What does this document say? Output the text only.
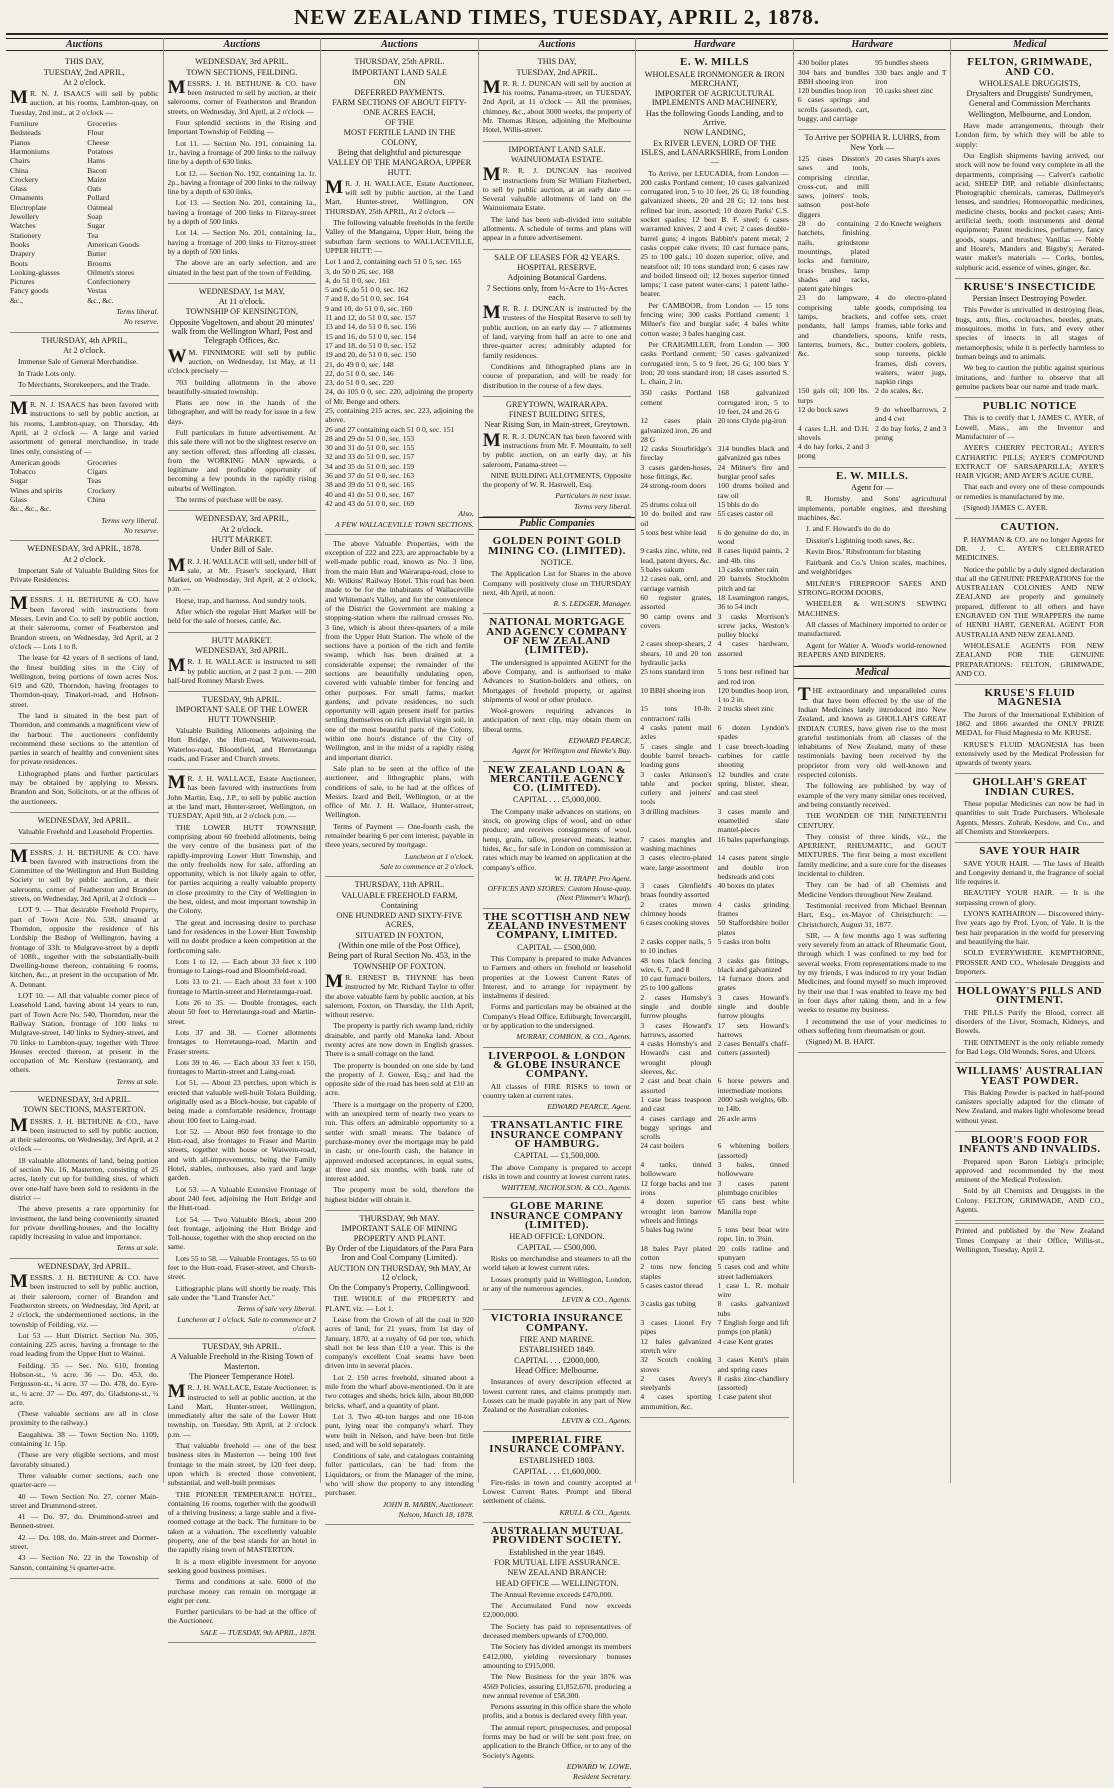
NEW ZEALAND TIMES, TUESDAY, APRIL 2, 1878.
Auctions
THIS DAY,
TUESDAY, 2nd APRIL,
At 2 o'clock.

M R. N. J. ISAACS will sell by public auction, at his rooms, Lambton-quay, on Tuesday, 2nd inst., at 2 o'clock —

Furniture	Groceries
Bedsteads	Flour
Pianos	Cheese
Harmoniums	Potatoes
Chairs	Hams
China	Bacon
Crockery	Maize
Glass	Oats
Ornaments	Pollard
Electroplate	Oatmeal
Jewellery	Soap
Watches	Sugar
Stationery	Tea
Books	American Goods
Drapery	Butter
Boots	Brooms
Looking-glasses	Oilmen's stores
Pictures	Confectionery
Fancy goods	Vestas
&c.,	&c., &c.
Terms liberal.
No reserve.
THURSDAY, 4th APRIL,
At 2 o'clock.

Immense Sale of General Merchandise.

In Trade Lots only.

To Merchants, Storekeepers, and the Trade.

M R. N. J. ISAACS has been favored with instructions to sell by public auction, at his rooms, Lambton-quay, on Thursday, 4th April, at 2 o'clock — A large and varied assortment of general merchandise, in trade lines only, consisting of —

American goods	Groceries
Tobacco	Cigars
Sugar	Teas
Wines and spirits	Crockery
Glass	China
&c., &c., &c.
Terms very liberal.
No reserve.
WEDNESDAY, 3rd APRIL, 1878.
At 2 o'clock.

Important Sale of Valuable Building Sites for Private Residences.

MESSRS. J. H. BETHUNE & CO. have been favored with instructions from Messrs. Levin and Co. to sell by public auction, at their salerooms, corner of Featherston and Brandon streets, on Wednesday, 3rd April, at 2 o'clock — Lots 1 to 8.

The lease for 42 years of 8 sections of land, the finest building sites in the City of Wellington, being portions of town acres Nos. 619 and 620, Thorndon, having frontages to Thorndon-quay, Tinakori-road, and Hobson-street.

The land is situated in the best part of Thorndon, and commands a magnificent view of the harbour. The auctioneers confidently recommend these sections to the attention of parties in search of healthy and convenient sites for private residences.

Lithographed plans and further particulars may be obtained by applying to Messrs. Brandon and Son, Solicitors, or at the offices of the auctioneers.

WEDNESDAY, 3rd APRIL.

Valuable Freehold and Leasehold Properties.

MESSRS. J. H. BETHUNE & CO. have been favored with instructions from the Committee of the Wellington and Hutt Building Society to sell by public auction, at their salerooms, corner of Featherston and Brandon streets, on Wednesday, 3rd April, at 2 o'clock —

LOT 9. — That desirable Freehold Property, part of Town Acre No. 538, situated at Thorndon, opposite the residence of his Lordship the Bishop of Wellington, having a frontage of 33ft. to Mulgrave-street by a depth of 108ft., together with the substantially-built Dwelling-house thereon, containing 6 rooms, kitchen, &c., at present in the occupation of Mr. A. Dennant.

LOT 10. — All that valuable corner piece of Leasehold Land, having about 14 years to run, part of Town Acre No. 540, Thorndon, near the Railway Station, frontage of 100 links to Mulgrave-street, 140 links to Sydney-street, and 70 links to Lambton-quay, together with Three Houses erected thereon, at present in the occupation of Mr. Kershaw (restaurant), and others.

Terms at sale.
WEDNESDAY, 3rd APRIL.
TOWN SECTIONS, MASTERTON.

MESSRS. J. H. BETHUNE & CO., have been instructed to sell by public auction, at their salerooms, on Wednesday, 3rd April, at 2 o'clock —

18 valuable allotments of land, being portion of section No. 16, Masterton, consisting of 25 acres, lately cut up for building sites, of which over one-half have been sold to residents in the district —

The above presents a rare opportunity for investment, the land being conveniently situated for private dwelling-houses, and the locality rapidly increasing in value and importance.

Terms at sale.
WEDNESDAY, 3rd APRIL.

MESSRS. J. H. BETHUNE & CO. have been instructed to sell by public auction, at their saleroom, corner of Brandon and Featherston streets, on Wednesday, 3rd April, at 2 o'clock, the undermentioned sections, in the township of Feilding, viz. —

Lot 53 — Hutt District. Section No. 305, containing 225 acres, having a frontage to the road leading from the Upper Hutt to Wainui.

Feilding. 35 — Sec. No. 610, fronting Hobson-st., ¼ acre. 36 — Do. 453, do. Fergusson-st., ¼ acre. 37 — Do. 478, do. Eyre-st., ¼ acre. 37 — Do. 497, do. Gladstone-st., ¼ acre.

(These valuable sections are all in close proximity to the railway.)

Eaugahiwa. 38 — Town Section No. 1109, containing 1r. 15p.

(These are very eligible sections, and most favorably situated.)

Three valuable corner sections, each one quarter-acre —

40 — Town Section No. 27, corner Main-street and Drummond-street.

41 — Do. 97, do. Drummond-street and Bennett-street.

42 — Do. 108, do. Main-street and Dormer-street.

43 — Section No. 22 in the Township of Sanson, containing ¼ quarter-acre.

Auctions
WEDNESDAY, 3rd APRIL.
TOWN SECTIONS, FEILDING.

MESSRS. J. H. BETHUNE & CO. have been instructed to sell by auction, at their salerooms, corner of Featherston and Brandon streets, on Wednesday, 3rd April, at 2 o'clock —

Four splendid sections in the Rising and Important Township of Feilding —

Lot 11. — Section No. 191, containing 1a. 1r., having a frontage of 200 links to the railway line by a depth of 630 links.

Lot 12. — Section No. 192, containing 1a. 1r. 2p., having a frontage of 200 links to the railway line by a depth of 630 links.

Lot 13. — Section No. 201, containing 1a., having a frontage of 200 links to Fitzroy-street by a depth of 500 links.

Lot 14. — Section No. 201, containing 1a., having a frontage of 200 links to Fitzroy-street by a depth of 500 links.

The above are an early selection, and are situated in the best part of the town of Feilding.

WEDNESDAY, 1st MAY,
At 11 o'clock.
TOWNSHIP OF KENSINGTON,
Opposite Vogeltown, and about 20 minutes' walk from the Wellington Wharf, Post and Telegraph Offices, &c.

W M. FINNIMORE will sell by public auction, on Wednesday, 1st May, at 11 o'clock precisely —

703 building allotments in the above beautifully-situated township.

Plans are now in the hands of the lithographer, and will be ready for issue in a few days.

Full particulars in future advertisement. At this sale there will not be the slightest reserve on any section offered, thus affording all classes, from the WORKING MAN upwards, a legitimate and profitable opportunity of becoming a few pounds in the rapidly rising suburbs of Wellington.

The terms of purchase will be easy.

WEDNESDAY, 3rd APRIL,
At 2 o'clock.
HUTT MARKET.
Under Bill of Sale.

M R. J. H. WALLACE will sell, under bill of sale, at Mr. Fraser's stockyard, Hutt Market, on Wednesday, 3rd April, at 2 o'clock, p.m. —

Horse, trap, and harness. And sundry tools.

After which the regular Hutt Market will be held for the sale of horses, cattle, &c.

HUTT MARKET.
WEDNESDAY, 3rd APRIL.

M R. J. H. WALLACE is instructed to sell by public auction, at 2 past 2 p.m. — 200 half-bred Romney Marsh Ewes.

TUESDAY, 9th APRIL.
IMPORTANT SALE OF THE LOWER HUTT TOWNSHIP.

Valuable Building Allotments adjoining the Hutt Bridge, the Hutt-road, Waiwetu-road, Waterloo-road, Bloomfield, and Herretaunga roads, and Fraser and Church streets.

M R. J. H. WALLACE, Estate Auctioneer, has been favored with instructions from John Martin, Esq., J.P., to sell by public auction at the land mart, Hunter-street, Wellington, on TUESDAY, April 9th, at 2 o'clock p.m. —

THE LOWER HUTT TOWNSHIP, comprising about 60 freehold allotments, being the very centre of the business part of the rapidly-improving Lower Hutt Township, and the only freeholds now for sale, affording an opportunity, which is not likely again to offer, for parties acquiring a really valuable property in close proximity to the City of Wellington in the best, oldest, and most important township in the Colony.

The great and increasing desire to purchase land for residences in the Lower Hutt Township will no doubt produce a keen competition at the forthcoming sale.

Lots 1 to 12. — Each about 33 feet x 100 frontage to Laings-road and Bloomfield-road.

Lots 13 to 21. — Each about 33 feet x 100 frontage to Martin-street and Herretaunga-road.

Lots 26 to 35. — Double frontages, each about 50 feet to Herretaunga-road and Martin-street.

Lots 37 and 38. — Corner allotments frontages to Herretaunga-road, Martin and Fraser streets.

Lots 39 to 46. — Each about 33 feet x 150, frontages to Martin-street and Laing-road.

Lot 51. — About 23 perches, upon which is erected that valuable well-built Tolara Building, originally used as a Block-house, but capable of being made a comfortable residence, frontage about 100 feet to Laing-road.

Lot 52. — About 860 feet frontage to the Hutt-road, also frontages to Fraser and Martin streets, together with house or Waiwetu-road, and with all-improvements, being the Family Hotel, stables, outhouses, also yard and large garden.

Lot 53. — A Valuable Extensive Frontage of about 240 feet, adjoining the Hutt Bridge and the Hutt-road.

Lot 54. — Two Valuable Block, about 200 feet frontage, adjoining the Hutt Bridge and Toll-house, together with the shop erected on the same.

Lots 55 to 58. — Valuable Frontages, 55 to 60 feet to the Hutt-road, Fraser-street, and Church-street.

Lithographic plans will shortly be ready. This sale under the "Land Transfer Act."

Terms of sale very liberal.
Luncheon at 1 o'clock. Sale to commence at 2 o'clock.
TUESDAY, 9th APRIL.
A Valuable Freehold in the Rising Town of Masterton.
The Pioneer Temperance Hotel.

M R. J. H. WALLACE, Estate Auctioneer, is instructed to sell at public auction, at the Land Mart, Hunter-street, Wellington, immediately after the sale of the Lower Hutt township, on Tuesday, 9th April, at 2 o'clock p.m. —

That valuable freehold — one of the best business sites in Masterton — being 100 feet frontage to the main street, by 120 feet deep, upon which is erected those convenient, substantial, and well-built premises

THE PIONEER TEMPERANCE HOTEL, containing 16 rooms, together with the goodwill of a thriving business; a large stable and a five-roomed cottage at the back. The furniture to be taken at a valuation. The excellently valuable property, one of the best stands for an hotel in the rapidly rising town of MASTERTON.

It is a most eligible investment for anyone seeking good business premises.

Terms and conditions at sale. 6000 of the purchase money can remain on mortgage at eight per cent.

Further particulars to be had at the office of the Auctioneer.

SALE — TUESDAY, 9th APRIL, 1878.
Auctions
THURSDAY, 25th APRIL.
IMPORTANT LAND SALE
ON
DEFERRED PAYMENTS.
FARM SECTIONS OF ABOUT FIFTY-ONE ACRES EACH,
OF THE
MOST FERTILE LAND IN THE COLONY,
Being that delightful and picturesque
VALLEY OF THE MANGAROA, UPPER HUTT.

M R. J. H. WALLACE, Estate Auctioneer, will sell by public auction, at the Land Mart, Hunter-street, Wellington, ON THURSDAY, 25th APRIL, At 2 o'clock —

The following valuable freeholds in the fertile Valley of the Mangaroa, Upper Hutt, being the suburban farm sections to WALLACEVILLE, UPPER HUTT: —

Lot 1 and 2, containing each 51 0 5, sec. 165
3, do 50 0 26, sec. 168
4, do 51 0 0, sec. 161
5 and 6, do 51 0 0, sec. 162
7 and 8, do 51 0 0, sec. 164
9 and 10, do 51 0 0, sec. 160
11 and 12, do 51 0 0, sec. 157
13 and 14, do 51 0 0, sec. 156
15 and 16, do 51 0 0, sec. 154
17 and 18, do 51 0 0, sec. 152
19 and 20, do 51 0 0, sec. 150
21, do 49 0 0, sec. 148
22, do 51 0 0, sec. 146
23, do 51 0 0, sec. 220
24, do 105 0 0, sec. 220, adjoining the property of Mr. Benge and others.
25, containing 215 acres, sec. 223, adjoining the above.
26 and 27 containing each 51 0 0, sec. 151
28 and 29 do 51 0 0, sec. 153
30 and 31 do 51 0 0, sec. 155
32 and 33 do 51 0 0, sec. 157
34 and 35 do 51 0 0, sec. 159
36 and 37 do 51 0 0, sec. 163
38 and 39 do 51 0 0, sec. 165
40 and 41 do 51 0 0, sec. 167
42 and 43 do 51 0 0, sec. 169
Also,
A FEW WALLACEVILLE TOWN SECTIONS.

The above Valuable Properties, with the exception of 222 and 223, are approachable by a well-made public road, known as No. 3 line, from the main Hutt and Wairarapa-road, close to Mr. Wilkins' Railway Hotel. This road has been made to be for the inhabitants of Wallaceville and Whiteman's Valley, and for the convenience of the District the Government are making a stopping-station where the railroad crosses No. 3 line, which is about three-quarters of a mile from the Upper Hutt Station. The whole of the sections have a portion of the rich and fertile swamp, which has been drained at a considerable expense; the remainder of the sections are beautifully undulating open, covered with valuable timber for fencing and other purposes. For small farms, market gardens, and private residences, no such opportunity will again present itself for parties settling themselves on rich alluvial virgin soil, in one of the most beautiful parts of the Colony, within one hour's distance of the City of Wellington, and in the midst of a rapidly rising and important district.

Sale plan to be seen at the office of the auctioneer, and lithographic plans, with conditions of sale, to be had at the offices of Messrs. Izard and Bell, Wellington, or at the office of Mr. J. H. Wallace, Hunter-street, Wellington.

Terms of Payment — One-fourth cash, the remainder bearing 6 per cent interest, payable in three years, secured by mortgage.

Luncheon at 1 o'clock.
Sale to commence at 2 o'clock.
THURSDAY, 11th APRIL.
VALUABLE FREEHOLD FARM,
Containing
ONE HUNDRED AND SIXTY-FIVE ACRES,
SITUATED IN FOXTON,
(Within one mile of the Post Office),
Being part of Rural Section No. 453, in the
TOWNSHIP OF FOXTON.

M R. ERNEST B. THYNNE has been instructed by Mr. Richard Taylor to offer the above valuable farm by public auction, at his saleroom, Foxton, on Thursday, the 11th April, without reserve.

The property is partly rich swamp land, richly drainable, and partly old Manuka land. About twenty acres are now down in English grasses. There is a small cottage on the land.

The property is bounded on one side by land the property of J. Gower, Esq.; and had the opposite side of the road has been sold at £10 an acre.

There is a mortgage on the property of £200, with an unexpired term of nearly two years to run. This offers an admirable opportunity to a settler with small means. The balance of purchase-money over the mortgage may be paid in cash; or one-fourth cash, the balance in approved endorsed acceptances, in equal sums, at three and six months, with bank rate of interest added.

The property must be sold, therefore the highest bidder will obtain it.

THURSDAY, 9th MAY.
IMPORTANT SALE OF MINING PROPERTY AND PLANT.
By Order of the Liquidators of the Para Para Iron and Coal Company (Limited).
AUCTION ON THURSDAY, 9th MAY, At 12 o'clock,
On the Company's Property, Collingwood.

THE WHOLE of the PROPERTY and PLANT, viz. — Lot 1.

Lease from the Crown of all the coal in 920 acres of land, for 21 years, from 1st day of January, 1870, at a royalty of 6d per ton, which shall not be less than £10 a year. This is the company's excellent Coal seams have been driven into in several places.

Lot 2. 150 acres freehold, situated about a mile from the wharf above-mentioned. On it are two cottages and sheds, brick kiln, about 80,000 bricks, wharf, and a quantity of plant.

Lot 3. Two 40-ton barges and one 10-ton punt, lying near the company's wharf. They were built in Nelson, and have been but little used, and will be sold separately.

Conditions of sale, and catalogues containing fuller particulars, can be had from the Liquidators, or from the Manager of the mine, who will show the property to any intending purchaser.

JOHN R. MABIN, Auctioneer.
Nelson, March 18, 1878.
Auctions
THIS DAY,
TUESDAY, 2nd APRIL.

M R. R. J. DUNCAN will sell by auction at his rooms, Panama-street, on TUESDAY, 2nd April, at 11 o'clock — All the premises, chimney, &c., about 3000 weeks, the property of Mr. Thomas Ritson, adjoining the Melbourne Hotel, Willis-street.

IMPORTANT LAND SALE.
WAINUIOMATA ESTATE.

M R. R. J. DUNCAN has received instructions from Sir William Fitzherbert, to sell by public auction, at an early date — Several valuable allotments of land on the Wainuiomata Estate.

The land has been sub-divided into suitable allotments. A schedule of terms and plans will appear in a future advertisement.

SALE OF LEASES FOR 42 YEARS.
HOSPITAL RESERVE.
Adjoining Botanical Gardens.
7 Sections only, from ½-Acre to 1½-Acres each.

M R. R. J. DUNCAN is instructed by the trustees of the Hospital Reserve to sell by public auction, on an early day — 7 allotments of land, varying from half an acre to one and three-quarter acres; admirably adapted for family residences.

Conditions and lithographed plans are in course of preparation, and will be ready for distribution in the course of a few days.

GREYTOWN, WAIRARAPA.
FINEST BUILDING SITES,
Near Rising Sun, in Main-street, Greytown.

M R. R. J. DUNCAN has been favored with instructions from Mr. F. Mountain, to sell by public auction, on an early day, at his saleroom, Panama-street —

NINE BUILDING ALLOTMENTS, Opposite the property of W. R. Hastwell, Esq.

Particulars in next issue.
Terms very liberal.
Public Companies
GOLDEN POINT GOLD MINING CO. (LIMITED).
NOTICE.

The Application List for Shares in the above Company will positively close on THURSDAY next, 4th April, at noon.

R. S. LEDGER, Manager.
NATIONAL MORTGAGE AND AGENCY COMPANY OF NEW ZEALAND (LIMITED).

The undersigned is appointed AGENT for the above Company, and is authorised to make Advances to Station-holders and others, on Mortgages of freehold property, or against shipments of wool or other produce.

Wool-growers requiring advances in anticipation of next clip, may obtain them on liberal terms.

EDWARD PEARCE,
Agent for Wellington and Hawke's Bay.
NEW ZEALAND LOAN & MERCANTILE AGENCY CO. (LIMITED).
CAPITAL . . . £5,000,000.

The Company make advances on stations, on stock, on growing clips of wool, and on other produce; and receives consignments of wool, hemp, grain, tallow, preserved meats, leather, hides, &c., for sale in London on commission at rates which may be learned on application at the company's office.

W. H. TRAPP, Pro Agent.
OFFICES AND STORES: Custom House-quay, (Next Plimmer's Wharf).
THE SCOTTISH AND NEW ZEALAND INVESTMENT COMPANY, LIMITED.
CAPITAL — £500,000.

This Company is prepared to make Advances to Farmers and others on freehold or leasehold properties at the Lowest Current Rates of Interest, and to arrange for repayment by instalments if desired.

Forms and particulars may be obtained at the Company's Head Office, Ediiburgh; Invercargill, or by application to the undersigned.

MURRAY, COMBON, & CO., Agents.
LIVERPOOL & LONDON & GLOBE INSURANCE COMPANY.

All classes of FIRE RISKS to town or country taken at current rates.

EDWARD PEARCE, Agent.
TRANSATLANTIC FIRE INSURANCE COMPANY OF HAMBURG.
CAPITAL — £1,500,000.

The above Company is prepared to accept risks in town and country at lowest current rates.

WHITTEM, NICHOLSON, & CO., Agents.
GLOBE MARINE INSURANCE COMPANY (LIMITED).
HEAD OFFICE: LONDON.
CAPITAL — £500,000.

Risks on merchandise and steamers to all the world taken at lowest current rates.

Losses promptly paid in Wellington, London, or any of the numerous agencies.

LEVIN & CO., Agents.
VICTORIA INSURANCE COMPANY.
FIRE AND MARINE.
ESTABLISHED 1849.
CAPITAL . . . £2000,000.
Head Office: Melbourne.

Insurances of every description effected at lowest current rates, and claims promptly met. Losses can be made payable in any part of New Zealand or the Australian colonies.

LEVIN & CO., Agents.
IMPERIAL FIRE INSURANCE COMPANY.
ESTABLISHED 1803.
CAPITAL . . . £1,600,000.

Fire-risks in town and country accepted at Lowest Current Rates. Prompt and liberal settlement of claims.

KRULL & CO., Agents.
AUSTRALIAN MUTUAL PROVIDENT SOCIETY.
Established in the year 1849.
FOR MUTUAL LIFE ASSURANCE.
NEW ZEALAND BRANCH:
HEAD OFFICE — WELLINGTON.

The Annual Revenue exceeds £470,000.

The Accumulated Fund now exceeds £2,000,000.

The Society has paid to representatives of deceased members upwards of £700,000.

The Society has divided amongst its members £412,000, yielding reversionary bonuses amounting to £915,000.

The New Business for the year 1876 was 4569 Policies, assuring £1,852,670, producing a new annual revenue of £58,300.

Persons assuring in this office share the whole profits, and a bonus is declared every fifth year.

The annual report, prospectuses, and proposal forms may be had or will be sent post free, on application to the Branch Office, or to any of the Society's Agents.

EDWARD W. LOWE,
Resident Secretary.
Hardware
E. W. MILLS
WHOLESALE IRONMONGER & IRON MERCHANT,
IMPORTER OF AGRICULTURAL IMPLEMENTS AND MACHINERY,
Has the following Goods Landing, and to Arrive.
NOW LANDING,
Ex RIVER LEVEN, LORD OF THE ISLES, and LANARKSHIRE, from London —

To Arrive, per LEUCADIA, from London — 200 casks Portland cement; 10 cases galvanized corrugated iron, 5 to 10 feet, 26 G; 18 founding galvanized sheets, 20 and 28 G; 12 tons best refined bar iron, assorted; 10 dozen Parks' C.S. socket spades; 12 best B. F. steel; 6 cases warranted knives, 2 and 4 cwt; 2 cases double-barrel guns; 4 ingots Babbitt's patent metal; 2 casks copper cake rivets; 10 cast furnace pans, 25 to 100 gals.; 10 dozen superior, olive, and neatsfoot oil; 10 tons standard iron; 6 cases raw and boiled linseed oil; 12 boxes superior tinned lamps; 1 case patent water-cans; 1 patent lathe-bearer.

Per CAMBOOR, from London — 15 tons fencing wire; 300 casks Portland cement; 1 Milner's fire and burglar safe; 4 bales white cotton waste; 3 bales hanging cast.

Per CRAIGMILLER, from London — 300 casks Portland cement; 50 cases galvanized corrugated iron, 5 to 9 feet, 26 G; 100 bars Y iron; 20 tons standard iron; 18 cases assorted S. L. chain, 2 in.

350 casks Portland cement
168 galvanized corrugated iron, 5 to 10 feet, 24 and 26 G
12 cases plain galvanized iron, 26 and 28 G
20 tons Clyde pig-iron
12 casks Stourbridge's fireclay
314 bundles black and galvanized gas tubes
3 cases garden-hoses, hose fittings, &c.
24 Milner's fire and burglar proof safes
24 strong-room doors	100 drums boiled and raw oil
25 drums colza oil	15 bbls do do
10 do boiled and raw oil
55 cases castor oil
5 tons best white lead	6 do genuine do do, in wood
9 casks zinc, white, red lead, patent dryers, &c.
8 cases liquid paints, 2 and 4lb. tins
5 bales oakum	13 casks umber rain
12 cases oak, ornl, and carriage varnish
20 barrels Stockholm pitch and tar
60 register grates, assorted
18 Leamington ranges, 36 to 54 inch
90 camp ovens and covers
3 casks Morrison's screw jacks, Weston's pulley blocks
2 cases sheep-shears, 2 shears, 10 and 20 ton hydraulic jacks
4 cases hardware, assorted
25 tons standard iron	5 tons best refined bar and rod iron
10 BBH shoeing iron	120 bundles hoop iron, 1 to 2 in.
15 tons 10-lb. contractors' rails
2 trucks sheet zinc
4 casks patent mail axles
6 dozen Lyndon's spades
5 cases single and double barrel breach-loading guns
1 case breech-loading carbines for cattle shooting
3 casks Atkinson's table and pocket cutlery and joiners' tools
12 bundles and crate spring, blister, shear, and cast steel
3 drilling machines	3 cases mantle and enamelled slate mantel-pieces
7 cases mangles and washing machines
16 bales paperhangings
3 cases electro-plated ware, large assortment
14 cases patent single and double iron bedsteads and cots
3 cases Glenfield's braas foundry assorted
40 boxes tin plates
2 crates mown chimney hoods
4 casks grinding frames
6 cases cooking stoves	50 Staffordshire boiler plates
2 casks copper nails, 5 to 10 inches
5 casks iron bolts
48 tons black fencing wire, 6, 7, and 8
3 casks gas fittings, black and galvanized
10 cast furnace boilers, 25 to 100 gallons
14 furnace doors and grates
2 cases Hornsby's single and double furrow ploughs
3 cases Howard's single and double furrow ploughs
3 cases Howard's harrows, assorted
17 sets Howard's harrows
4 casks Hornsby's and Howard's cast and wrought plough sleeves, &c.
2 cases Bentall's chaff-cutters (assorted)
2 cast and boat chain assorted
6 horse powers and intermediate motions
1 case brass teaspoon and cast
2000 sash weights, 6lb. to 14lb.
4 cases carriage and buggy springs and scrolls
26 axle arms
24 cast boilers	6 whitening boilers (assorted)
4 tanks, tinned hollowware
3 bales, tinned hollowware
12 forge backs and tue irons
3 cases patent plumbago crucibles
4 dozen superior wrought iron barrow wheels and fittings
65 cans best white Manilla rope
5 bales bag twine	5 tons best boat wire rope, 1in. to 3¼in.
18 bales Payr plated cotton
20 coils ratline and spunyarn
2 tons new fencing staples
5 cases cod and white street ladlemakers
5 cases castor thread	1 case L. R. mohair wire
3 casks gas tubing	8 casks galvanized tubs
3 cases Lionel Fry pipes
7 English forge and lift pumps (on plank)
12 bales galvanized stretch wire
4 case Kent grates
32 Scotch cooking stoves
3 cases Kent's plain and spring cases
2 cases Avery's steelyards
8 casks zinc-chandlery (assorted)
4 cases sporting ammunition, &c.
1 case patent shot
Hardware
430 boiler plates	95 bundles sheets
304 bars and bundles BBH shoeing iron
330 bars angle and T iron
120 bundles hoop iron	10 casks sheet zinc
6 cases springs and scrolls (assorted), cart, buggy, and carriage
To Arrive per SOPHIA R. LUHRS, from New York —
125 cases Disston's saws and tools, comprising circular, cross-cut, and mill saws, joiners' tools, samson post-hole diggers
20 cases Sharp's axes
28 do containing hatchets, finishing nails, grindstone mountings, plated locks and furniture, brass brushes, lamp shades and racks, patent gate hinges
2 do Knecht weighers
23 do lampware, comprising table lamps, brackets, pendants, hall lamps and chandeliers, lanterns, burners, &c., &c.
4 do electro-plated goods, comprising tea and coffee sets, cruet frames, table forks and spoons, knife rests, butter coolers, goblets, soup tureens, pickle frames, dish covers, waiters, water jugs, napkin rings
150 gals oil; 100 lbs. turps
2 do scales, &c.
12 do buck saws	9 do wheelbarrows, 2 and 4 cwt
4 cases L.H. and D.H. shovels
2 do hay forks, 2 and 3 prong
4 do hay forks, 2 and 3 prong
E. W. MILLS.
Agent for —

R. Hornsby and Sons' agricultural implements, portable engines, and threshing machines, &c.

J. and F. Howard's do do do

Disston's Lightning tooth saws, &c.

Kevin Bros.' Ribsfrontum for blasting

Fairbank and Co.'s Union scales, machines, and weighbridges

MILNER'S FIREPROOF SAFES AND STRONG-ROOM DOORS,

WHEELER & WILSON'S SEWING MACHINES.

All classes of Machinery imported to order or manufactured.

Agent for Walter A. Wood's world-renowned REAPERS AND BINDERS.

Medical

THE extraordinary and unparalleled cures that have been effected by the use of the Indian Medicines lately introduced into New Zealand, and known as GHOLLAH'S GREAT INDIAN CURES, have given rise to the most grateful testimonials from all classes of the inhabitants of New Zealand, many of these testimonials having been received by the proprietor from very old well-known and respected colonists.

The following are published by way of example of the very many similar ones received, and being constantly received.

THE WONDER OF THE NINETEENTH CENTURY.

They consist of three kinds, viz., the APERIENT, RHEUMATIC, and GOUT MIXTURES. The first being a most excellent family medicine, and a sure cure for the diseases incidental to children.

They can be had of all Chemists and Medicine Vendors throughout New Zealand.

Testimonial received from Michael Brennan Hart, Esq., ex-Mayor of Christchurch: — Christchurch, August 31, 1877.

SIR, — A few months ago I was suffering very severely from an attack of Rheumatic Gout, through which I was confined to my bed for several weeks. From representations made to me by my friends, I was induced to try your Indian Medicines, and found myself so much improved by their use that I was enabled to leave my bed in four days after taking them, and in a few weeks to resume my business.

I recommend the use of your medicines to others suffering from rheumatism or gout.

(Signed) M. B. HART.

Medical
FELTON, GRIMWADE, AND CO.
WHOLESALE DRUGGISTS,
Drysalters and Druggists' Sundrymen,
General and Commission Merchants
Wellington, Melbourne, and London.

Have made arrangements, through their London firm, by which they will be able to supply:

Our English shipments having arrived, our stock will now be found very complete in all the departments, comprising — Calvert's carbolic acid, SHEEP DIP, and reliable disinfectants; Photographic chemicals, cameras, Dallmeyer's lenses, and sundries; Homoeopathic medicines, medicine chests, books and pocket cases; Anti-artificial teeth, tooth instruments and dental equipment; Patent medicines, perfumery, fancy goods, soaps, and brushes; Vanillas — Noble and Hoare's, Manders and Bigsby's; Aerated-water maker's materials — Corks, bottles, sulphuric acid, essence of wines, ginger, &c.

KRUSE'S INSECTICIDE
Persian Insect Destroying Powder.

This Powder is unrivalled in destroying fleas, bugs, ants, flies, cockroaches, beetles, gnats, mosquitoes, moths in furs, and every other species of insects in all stages of metamorphosis; while it is perfectly harmless to human beings and to animals.

We beg to caution the public against spurious imitations, and further to observe that all genuine packets bear our name and trade mark.

PUBLIC NOTICE

This is to certify that I, JAMES C. AYER, of Lowell, Mass., am the Inventor and Manufacturer of —

AYER'S CHERRY PECTORAL; AYER'S CATHARTIC PILLS; AYER'S COMPOUND EXTRACT OF SARSAPARILLA; AYER'S HAIR VIGOR; AND AYER'S AGUE CURE.

That each and every one of these compounds or remedies is manufactured by me.

(Signed) JAMES C. AYER.

CAUTION.

P. HAYMAN & CO. are no longer Agents for DR. J. C. AYER'S CELEBRATED MEDICINES.

Notice the public by a duly signed declaration that all the GENUINE PREPARATIONS for the AUSTRALIAN COLONIES AND NEW ZEALAND are properly and genuinely prepared, different to all others and have ENGRAVED ON THE WRAPPERS the name of HENRI HART, GENERAL AGENT FOR AUSTRALIA AND NEW ZEALAND.

WHOLESALE AGENTS FOR NEW ZEALAND FOR THE GENUINE PREPARATIONS: FELTON, GRIMWADE, AND CO.

KRUSE'S FLUID MAGNESIA

The Jurors of the International Exhibition of 1862 and 1866 awarded the ONLY PRIZE MEDAL for Fluid Magnesia to Mr. KRUSE.

KRUSE'S FLUID MAGNESIA has been extensively used by the Medical Profession for upwards of twenty years.

GHOLLAH'S GREAT INDIAN CURES.

These popular Medicines can now be had in quantities to suit Trade Purchasers. Wholesale Agents, Messrs. Zohrab, Kesdow, and Co., and all Chemists and Storekeepers.

SAVE YOUR HAIR

SAVE YOUR HAIR. — The laws of Health and Longevity demand it, the fragrance of social life requires it.

BEAUTIFY YOUR HAIR. — It is the surpassing crown of glory.

LYON'S KATHAIRON — Discovered thirty-five years ago by Prof. Lyon, of Yale. It is the best hair preparation in the world for preserving and beautifying the hair.

SOLD EVERYWHERE. KEMPTHORNE, PROSSER AND CO., Wholesale Druggists and Importers.

HOLLOWAY'S PILLS AND OINTMENT.

THE PILLS Purify the Blood, correct all disorders of the Liver, Stomach, Kidneys, and Bowels.

THE OINTMENT is the only reliable remedy for Bad Legs, Old Wounds, Sores, and Ulcers.

WILLIAMS' AUSTRALIAN YEAST POWDER.

This Baking Powder is packed in half-pound canisters specially adapted for the climate of New Zealand, and makes light wholesome bread without yeast.

BLOOR'S FOOD FOR INFANTS AND INVALIDS.

Prepared upon Baron Liebig's principle; approved and recommended by the most eminent of the Medical Profession.

Sold by all Chemists and Druggists in the Colony. FELTON, GRIMWADE, AND CO., Agents.

Printed and published by the New Zealand Times Company at their Office, Willis-st., Wellington, Tuesday, April 2.
